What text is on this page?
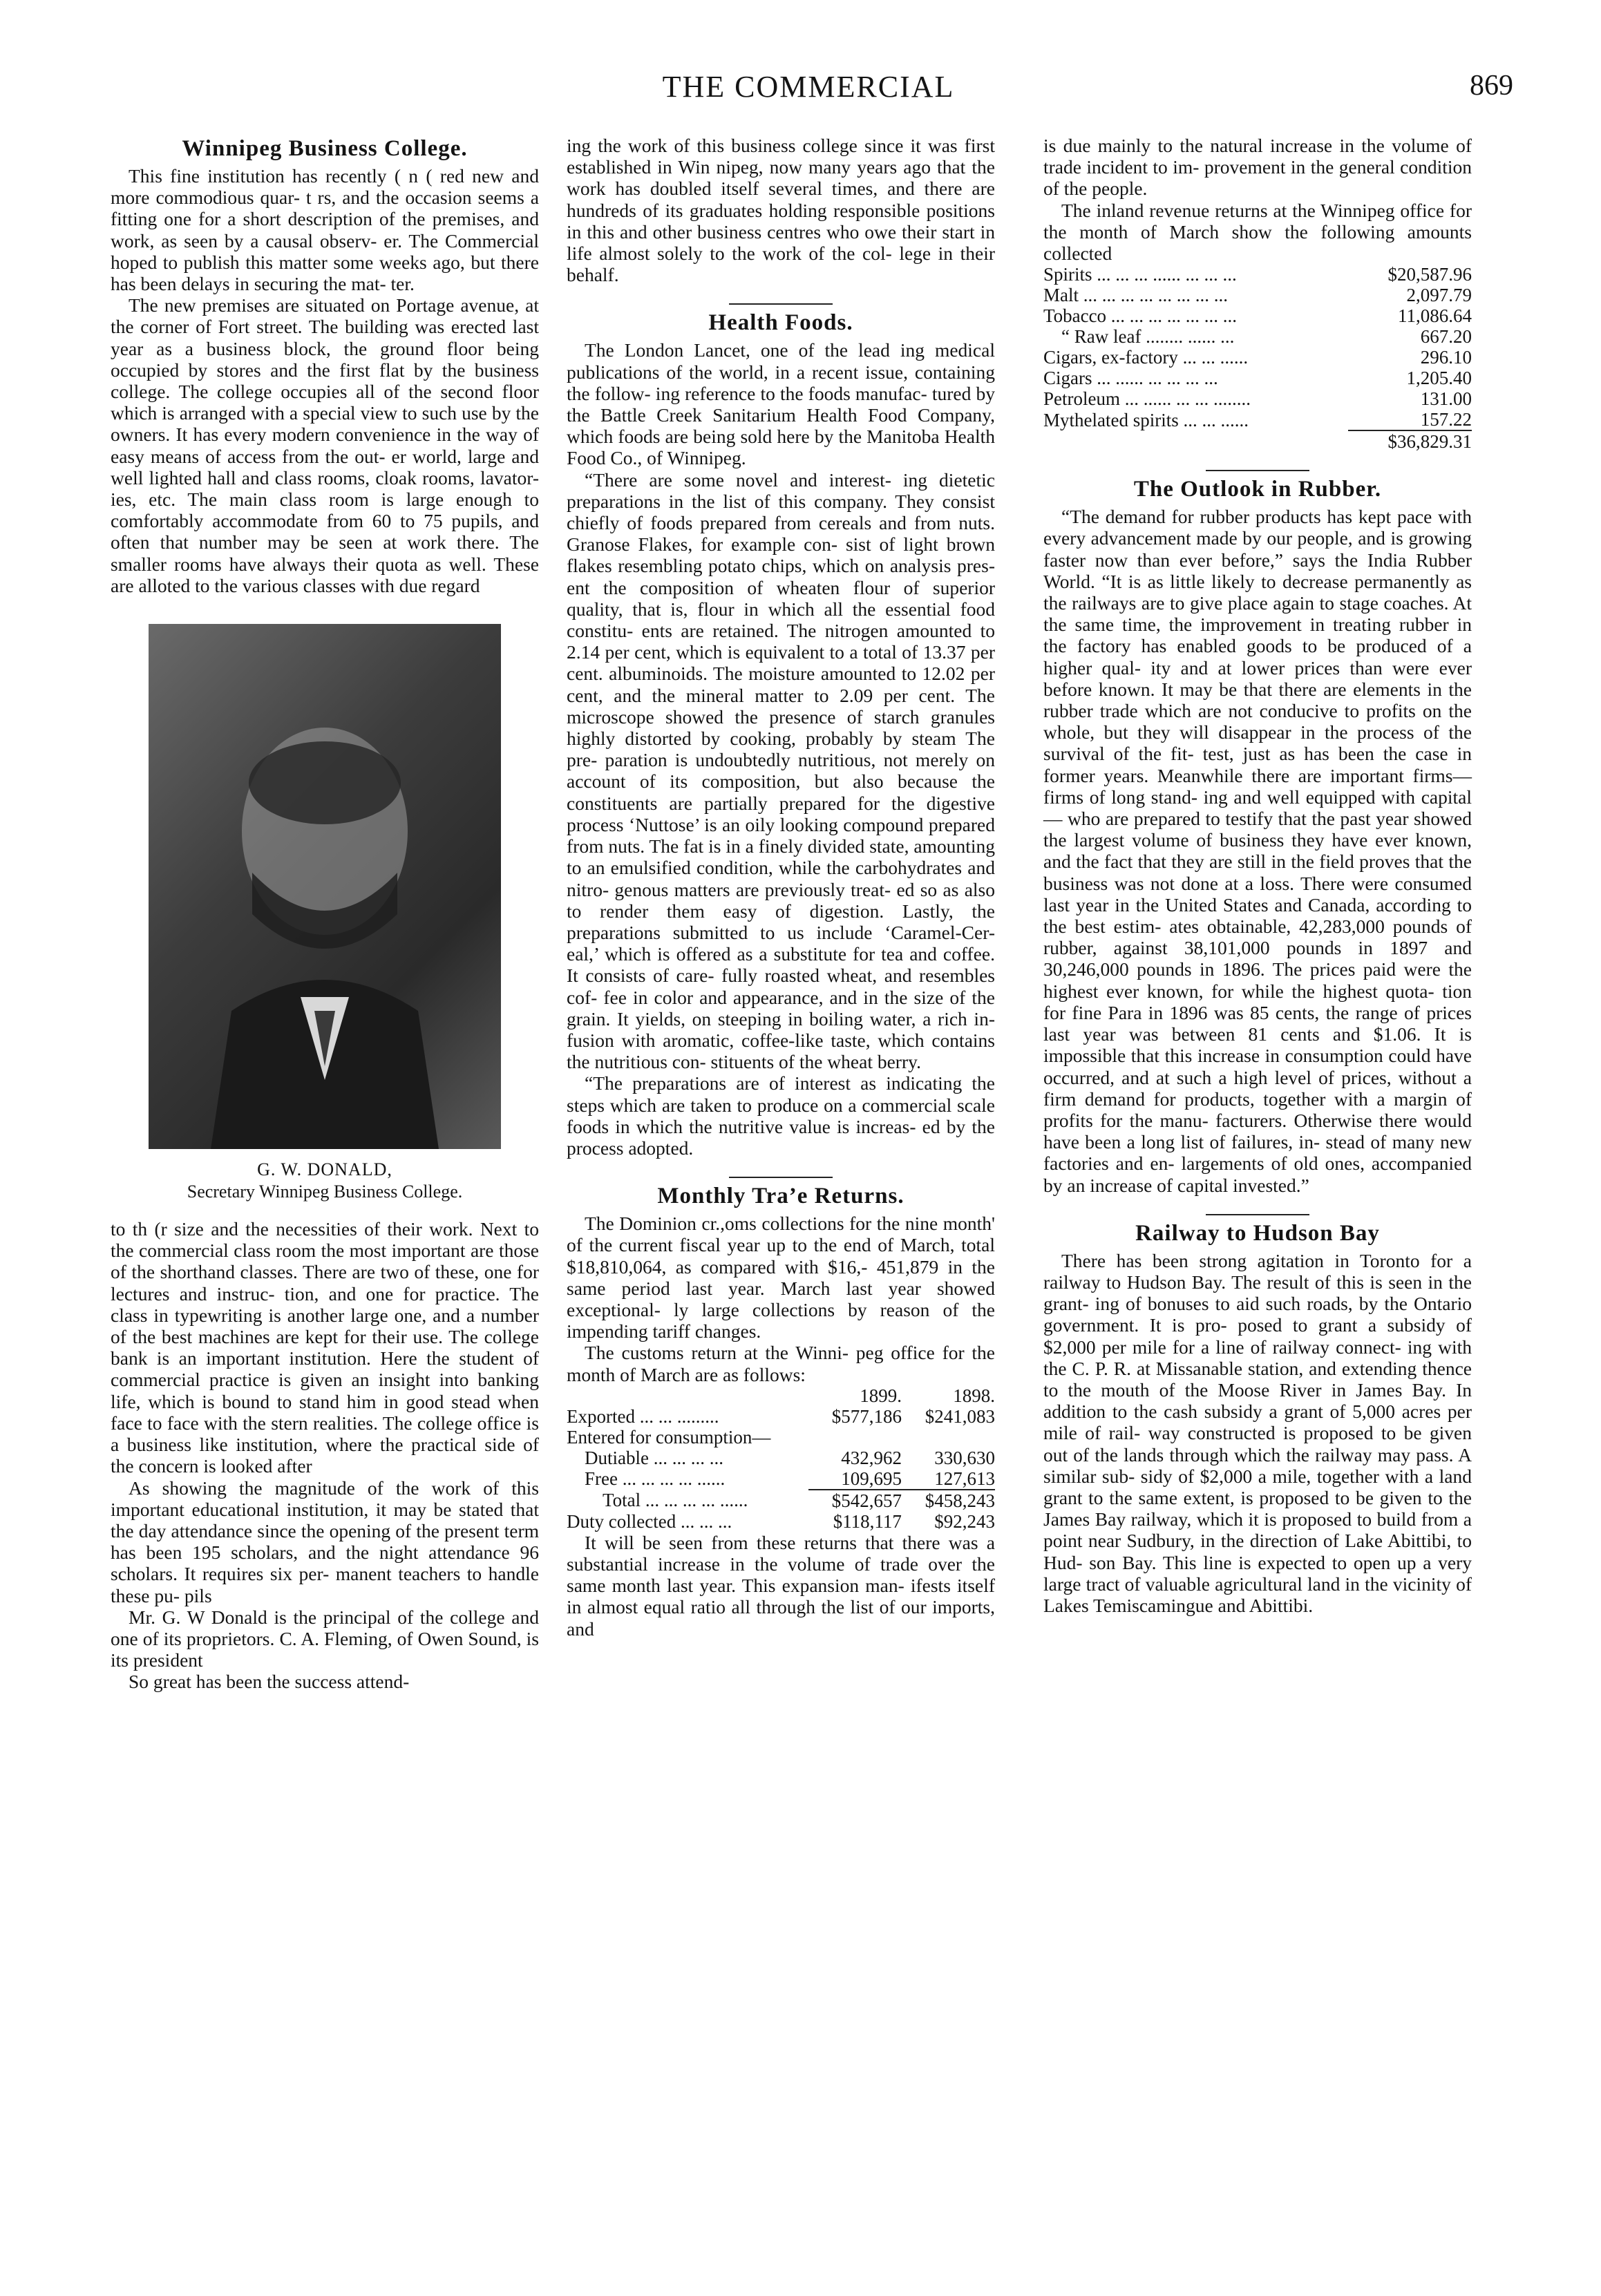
THE COMMERCIAL	869
Winnipeg Business College.

This fine institution has recently ( n ( red new and more commodious quar- t rs, and the occasion seems a fitting one for a short description of the premises, and work, as seen by a causal observ- er. The Commercial hoped to publish this matter some weeks ago, but there has been delays in securing the mat- ter.

The new premises are situated on Portage avenue, at the corner of Fort street. The building was erected last year as a business block, the ground floor being occupied by stores and the first flat by the business college. The college occupies all of the second floor which is arranged with a special view to such use by the owners. It has every modern convenience in the way of easy means of access from the out- er world, large and well lighted hall and class rooms, cloak rooms, lavator- ies, etc. The main class room is large enough to comfortably accommodate from 60 to 75 pupils, and often that number may be seen at work there. The smaller rooms have always their quota as well. These are alloted to the various classes with due regard

G. W. DONALD,
Secretary Winnipeg Business College.

to th (r size and the necessities of their work. Next to the commercial class room the most important are those of the shorthand classes. There are two of these, one for lectures and instruc- tion, and one for practice. The class in typewriting is another large one, and a number of the best machines are kept for their use. The college bank is an important institution. Here the student of commercial practice is given an insight into banking life, which is bound to stand him in good stead when face to face with the stern realities. The college office is a business like institution, where the practical side of the concern is looked after

As showing the magnitude of the work of this important educational institution, it may be stated that the day attendance since the opening of the present term has been 195 scholars, and the night attendance 96 scholars. It requires six per- manent teachers to handle these pu- pils

Mr. G. W Donald is the principal of the college and one of its proprietors. C. A. Fleming, of Owen Sound, is its president

So great has been the success attend-

ing the work of this business college since it was first established in Win nipeg, now many years ago that the work has doubled itself several times, and there are hundreds of its graduates holding responsible positions in this and other business centres who owe their start in life almost solely to the work of the col- lege in their behalf.

Health Foods.

The London Lancet, one of the lead ing medical publications of the world, in a recent issue, containing the follow- ing reference to the foods manufac- tured by the Battle Creek Sanitarium Health Food Company, which foods are being sold here by the Manitoba Health Food Co., of Winnipeg.

“There are some novel and interest- ing dietetic preparations in the list of this company. They consist chiefly of foods prepared from cereals and from nuts. Granose Flakes, for example con- sist of light brown flakes resembling potato chips, which on analysis pres- ent the composition of wheaten flour of superior quality, that is, flour in which all the essential food constitu- ents are retained. The nitrogen amounted to 2.14 per cent, which is equivalent to a total of 13.37 per cent. albuminoids. The moisture amounted to 12.02 per cent, and the mineral matter to 2.09 per cent. The microscope showed the presence of starch granules highly distorted by cooking, probably by steam The pre- paration is undoubtedly nutritious, not merely on account of its composition, but also because the constituents are partially prepared for the digestive process ‘Nuttose’ is an oily looking compound prepared from nuts. The fat is in a finely divided state, amounting to an emulsified condition, while the carbohydrates and nitro- genous matters are previously treat- ed so as also to render them easy of digestion. Lastly, the preparations submitted to us include ‘Caramel-Cer- eal,’ which is offered as a substitute for tea and coffee. It consists of care- fully roasted wheat, and resembles cof- fee in color and appearance, and in the size of the grain. It yields, on steeping in boiling water, a rich in- fusion with aromatic, coffee-like taste, which contains the nutritious con- stituents of the wheat berry.

“The preparations are of interest as indicating the steps which are taken to produce on a commercial scale foods in which the nutritive value is increas- ed by the process adopted.

Monthly Tra’e Returns.

The Dominion cr.,oms collections for the nine month' of the current fiscal year up to the end of March, total $18,810,064, as compared with $16,- 451,879 in the same period last year. March last year showed exceptional- ly large collections by reason of the impending tariff changes.

The customs return at the Winni- peg office for the month of March are as follows:

	1899.	1898.
Exported ... ... .........	$577,186	$241,083
Entered for consumption—		
Dutiable ... ... ... ...	432,962	330,630
Free ... ... ... ... ......	109,695	127,613
Total ... ... ... ... ......	$542,657	$458,243
Duty collected ... ... ...	$118,117	$92,243

It will be seen from these returns that there was a substantial increase in the volume of trade over the same month last year. This expansion man- ifests itself in almost equal ratio all through the list of our imports, and

is due mainly to the natural increase in the volume of trade incident to im- provement in the general condition of the people.

The inland revenue returns at the Winnipeg office for the month of March show the following amounts collected

Spirits ... ... ... ...... ... ... ...	$20,587.96
Malt ... ... ... ... ... ... ... ...	2,097.79
Tobacco ... ... ... ... ... ... ...	11,086.64
“ Raw leaf ........ ...... ...	667.20
Cigars, ex-factory ... ... ......	296.10
Cigars ... ...... ... ... ... ...	1,205.40
Petroleum ... ...... ... ... ........	131.00
Mythelated spirits ... ... ......	157.22
	$36,829.31
The Outlook in Rubber.

“The demand for rubber products has kept pace with every advancement made by our people, and is growing faster now than ever before,” says the India Rubber World. “It is as little likely to decrease permanently as the railways are to give place again to stage coaches. At the same time, the improvement in treating rubber in the factory has enabled goods to be produced of a higher qual- ity and at lower prices than were ever before known. It may be that there are elements in the rubber trade which are not conducive to profits on the whole, but they will disappear in the process of the survival of the fit- test, just as has been the case in former years. Meanwhile there are important firms—firms of long stand- ing and well equipped with capital— who are prepared to testify that the past year showed the largest volume of business they have ever known, and the fact that they are still in the field proves that the business was not done at a loss. There were consumed last year in the United States and Canada, according to the best estim- ates obtainable, 42,283,000 pounds of rubber, against 38,101,000 pounds in 1897 and 30,246,000 pounds in 1896. The prices paid were the highest ever known, for while the highest quota- tion for fine Para in 1896 was 85 cents, the range of prices last year was between 81 cents and $1.06. It is impossible that this increase in consumption could have occurred, and at such a high level of prices, without a firm demand for products, together with a margin of profits for the manu- facturers. Otherwise there would have been a long list of failures, in- stead of many new factories and en- largements of old ones, accompanied by an increase of capital invested.”

Railway to Hudson Bay

There has been strong agitation in Toronto for a railway to Hudson Bay. The result of this is seen in the grant- ing of bonuses to aid such roads, by the Ontario government. It is pro- posed to grant a subsidy of $2,000 per mile for a line of railway connect- ing with the C. P. R. at Missanable station, and extending thence to the mouth of the Moose River in James Bay. In addition to the cash subsidy a grant of 5,000 acres per mile of rail- way constructed is proposed to be given out of the lands through which the railway may pass. A similar sub- sidy of $2,000 a mile, together with a land grant to the same extent, is proposed to be given to the James Bay railway, which it is proposed to build from a point near Sudbury, in the direction of Lake Abittibi, to Hud- son Bay. This line is expected to open up a very large tract of valuable agricultural land in the vicinity of Lakes Temiscamingue and Abittibi.
